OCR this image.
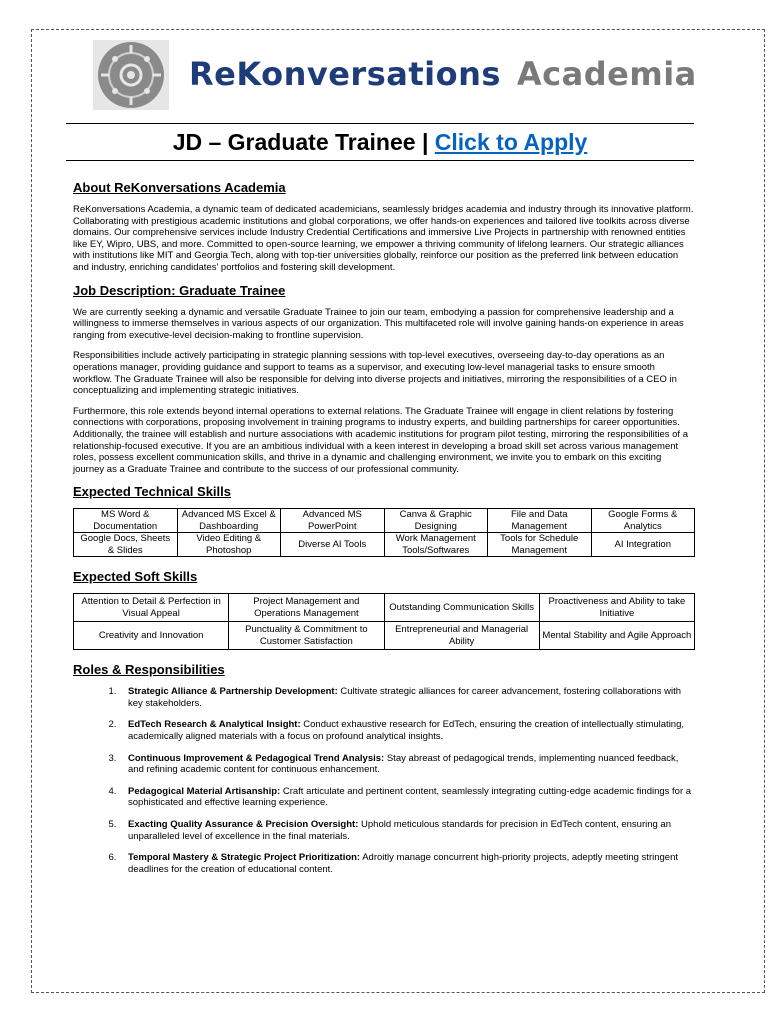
ReKonversations Academia
JD – Graduate Trainee | Click to Apply
About ReKonversations Academia

ReKonversations Academia, a dynamic team of dedicated academicians, seamlessly bridges academia and industry through its innovative platform. Collaborating with prestigious academic institutions and global corporations, we offer hands-on experiences and tailored live toolkits across diverse domains. Our comprehensive services include Industry Credential Certifications and immersive Live Projects in partnership with renowned entities like EY, Wipro, UBS, and more. Committed to open-source learning, we empower a thriving community of lifelong learners. Our strategic alliances with institutions like MIT and Georgia Tech, along with top-tier universities globally, reinforce our position as the preferred link between education and industry, enriching candidates' portfolios and fostering skill development.

Job Description: Graduate Trainee

We are currently seeking a dynamic and versatile Graduate Trainee to join our team, embodying a passion for comprehensive leadership and a willingness to immerse themselves in various aspects of our organization. This multifaceted role will involve gaining hands-on experience in areas ranging from executive-level decision-making to frontline supervision.

Responsibilities include actively participating in strategic planning sessions with top-level executives, overseeing day-to-day operations as an operations manager, providing guidance and support to teams as a supervisor, and executing low-level managerial tasks to ensure smooth workflow. The Graduate Trainee will also be responsible for delving into diverse projects and initiatives, mirroring the responsibilities of a CEO in conceptualizing and implementing strategic initiatives.

Furthermore, this role extends beyond internal operations to external relations. The Graduate Trainee will engage in client relations by fostering connections with corporations, proposing involvement in training programs to industry experts, and building partnerships for career opportunities. Additionally, the trainee will establish and nurture associations with academic institutions for program pilot testing, mirroring the responsibilities of a relationship-focused executive. If you are an ambitious individual with a keen interest in developing a broad skill set across various management roles, possess excellent communication skills, and thrive in a dynamic and challenging environment, we invite you to embark on this exciting journey as a Graduate Trainee and contribute to the success of our professional community.

Expected Technical Skills
MS Word & Documentation	Advanced MS Excel & Dashboarding	Advanced MS PowerPoint	Canva & Graphic Designing	File and Data Management	Google Forms & Analytics
Google Docs, Sheets & Slides	Video Editing & Photoshop	Diverse AI Tools	Work Management Tools/Softwares	Tools for Schedule Management	AI Integration
Expected Soft Skills
Attention to Detail & Perfection in Visual Appeal	Project Management and Operations Management	Outstanding Communication Skills	Proactiveness and Ability to take Initiative
Creativity and Innovation	Punctuality & Commitment to Customer Satisfaction	Entrepreneurial and Managerial Ability	Mental Stability and Agile Approach
Roles & Responsibilities
1. Strategic Alliance & Partnership Development: Cultivate strategic alliances for career advancement, fostering collaborations with key stakeholders.
2. EdTech Research & Analytical Insight: Conduct exhaustive research for EdTech, ensuring the creation of intellectually stimulating, academically aligned materials with a focus on profound analytical insights.
3. Continuous Improvement & Pedagogical Trend Analysis: Stay abreast of pedagogical trends, implementing nuanced feedback, and refining academic content for continuous enhancement.
4. Pedagogical Material Artisanship: Craft articulate and pertinent content, seamlessly integrating cutting-edge academic findings for a sophisticated and effective learning experience.
5. Exacting Quality Assurance & Precision Oversight: Uphold meticulous standards for precision in EdTech content, ensuring an unparalleled level of excellence in the final materials.
6. Temporal Mastery & Strategic Project Prioritization: Adroitly manage concurrent high-priority projects, adeptly meeting stringent deadlines for the creation of educational content.
